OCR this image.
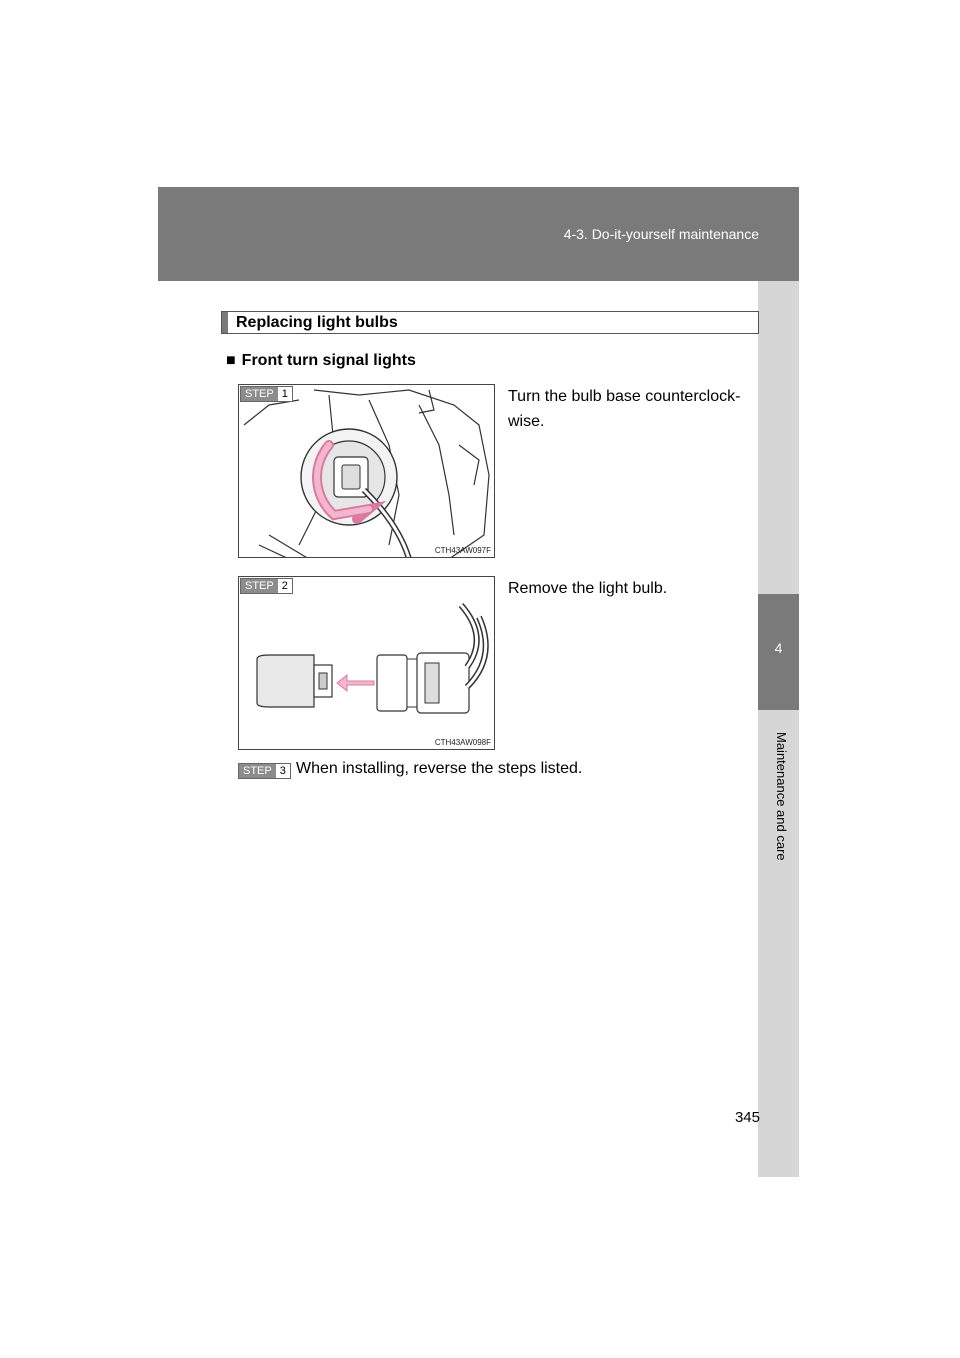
4-3. Do-it-yourself maintenance
4
Maintenance and care
Replacing light bulbs
■ Front turn signal lights
STEP 1
CTH43AW097F
Turn the bulb base counterclock-wise.
STEP 2
CTH43AW098F
Remove the light bulb.
STEP 3 When installing, reverse the steps listed.
345
